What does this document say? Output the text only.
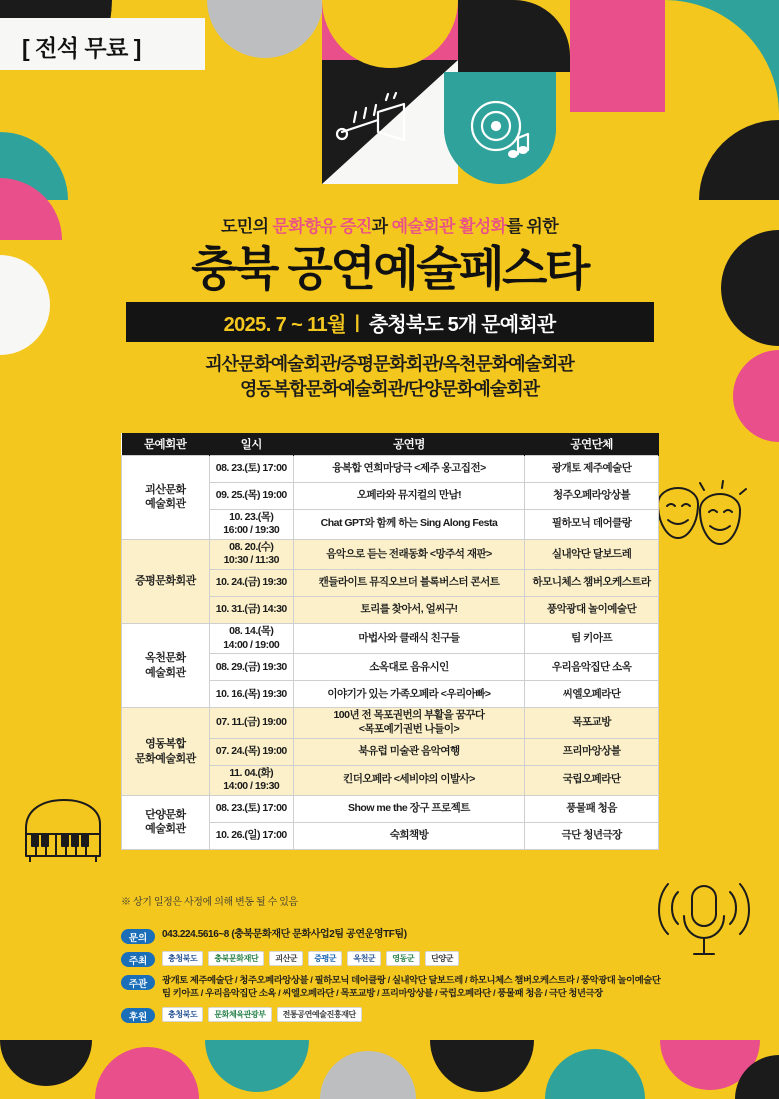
[ 전석 무료 ]
도민의 문화향유 증진과 예술회관 활성화를 위한
충북 공연예술페스타
2025. 7 ~ 11월 | 충청북도 5개 문예회관
괴산문화예술회관/증평문화회관/옥천문화예술회관
영동복합문화예술회관/단양문화예술회관
문예회관	일시	공연명	공연단체
괴산문화
예술회관	08. 23.(토) 17:00	융복합 연희마당극 <제주 옹고집전>	광개토 제주예술단
	09. 25.(목) 19:00	오페라와 뮤지컬의 만남!	청주오페라앙상블
	10. 23.(목)
16:00 / 19:30	Chat GPT와 함께 하는 Sing Along Festa	필하모닉 데어클랑
증평문화회관	08. 20.(수)
10:30 / 11:30	음악으로 듣는 전래동화 <망주석 재판>	실내악단 달보드레
	10. 24.(금) 19:30	캔들라이트 뮤직오브더 블록버스터 콘서트	하모니체스 챔버오케스트라
	10. 31.(금) 14:30	토리를 찾아서, 얼씨구!	풍악광대 놀이예술단
옥천문화
예술회관	08. 14.(목)
14:00 / 19:00	마법사와 클래식 친구들	팀 키아프
	08. 29.(금) 19:30	소옥대로 음유시인	우리음악집단 소옥
	10. 16.(목) 19:30	이야기가 있는 가족오페라 <우리아빠>	씨엘오페라단
영동복합
문화예술회관	07. 11.(금) 19:00	100년 전 목포권번의 부활을 꿈꾸다
<목포예기권번 나들이>	목포교방
	07. 24.(목) 19:00	북유럽 미술관 음악여행	프리마앙상블
	11. 04.(화)
14:00 / 19:30	킨더오페라 <세비야의 이발사>	국립오페라단
단양문화
예술회관	08. 23.(토) 17:00	Show me the 장구 프로젝트	풍물패 청음
	10. 26.(일) 17:00	숙희책방	극단 청년극장
※ 상기 일정은 사정에 의해 변동 될 수 있음
문의	043.224.5616~8 (충북문화재단 문화사업2팀 공연운영TF팀)
주최	충청북도	충북문화재단	괴산군	증평군	옥천군	영동군	단양군
주관	광개토 제주예술단 / 청주오페라앙상블 / 필하모닉 데어클랑 / 실내악단 달보드레 / 하모니체스 챔버오케스트라 / 풍악광대 놀이예술단
팀 키아프 / 우리음악집단 소옥 / 씨엘오페라단 / 목포교방 / 프리마앙상블 / 국립오페라단 / 풍물패 청음 / 극단 청년극장
후원	충청북도	문화체육관광부	전통공연예술진흥재단
